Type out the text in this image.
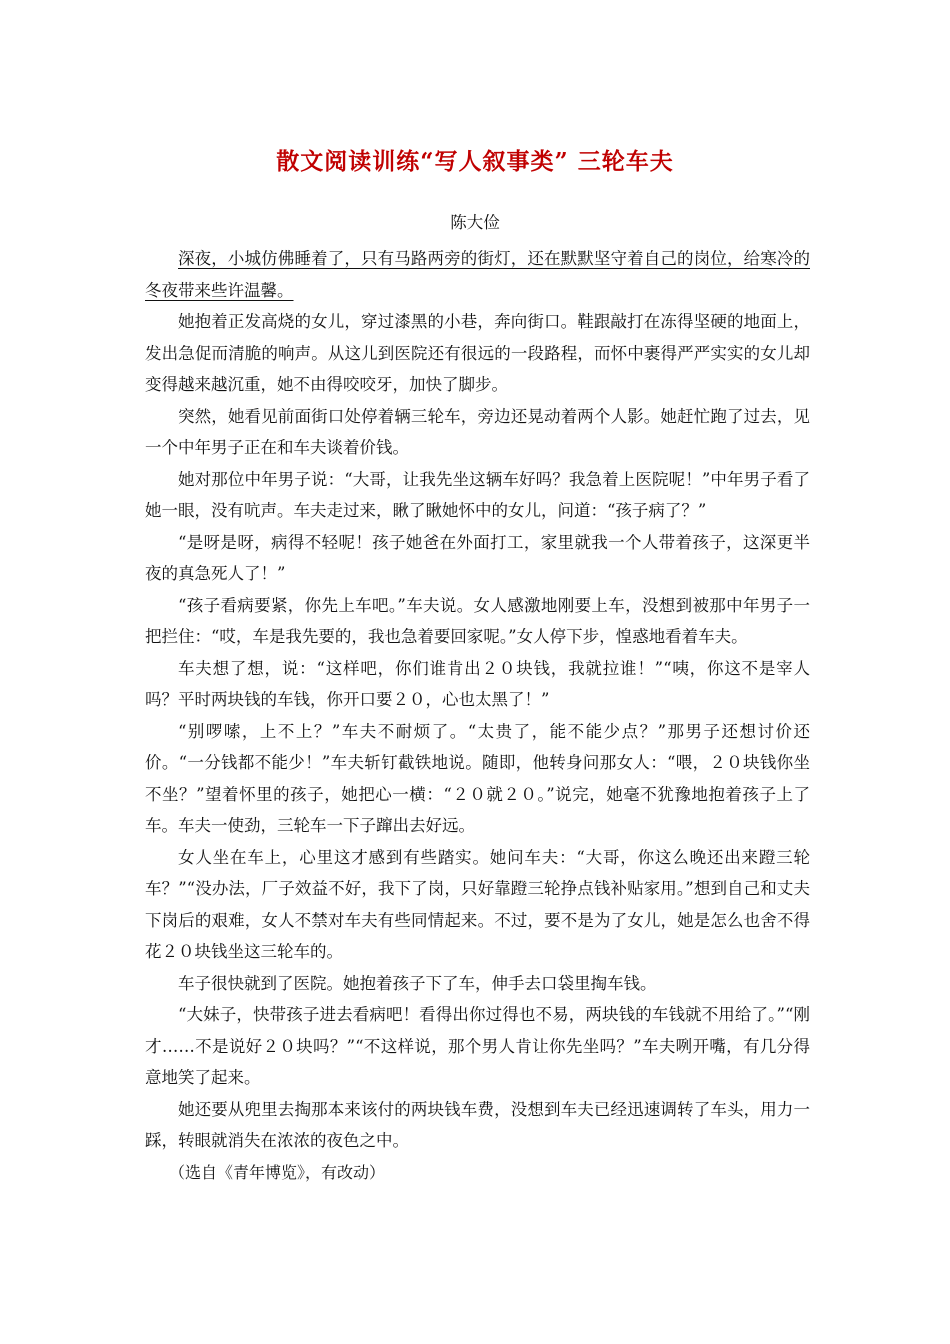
散文阅读训练“写人叙事类” 三轮车夫

陈大俭

深夜，小城仿佛睡着了，只有马路两旁的街灯，还在默默坚守着自己的岗位，给寒冷的冬夜带来些许温馨。

她抱着正发高烧的女儿，穿过漆黑的小巷，奔向街口。鞋跟敲打在冻得坚硬的地面上，发出急促而清脆的响声。从这儿到医院还有很远的一段路程，而怀中裹得严严实实的女儿却变得越来越沉重，她不由得咬咬牙，加快了脚步。

突然，她看见前面街口处停着辆三轮车，旁边还晃动着两个人影。她赶忙跑了过去，见一个中年男子正在和车夫谈着价钱。

她对那位中年男子说：“大哥，让我先坐这辆车好吗？我急着上医院呢！”中年男子看了她一眼，没有吭声。车夫走过来，瞅了瞅她怀中的女儿，问道：“孩子病了？”

“是呀是呀，病得不轻呢！孩子她爸在外面打工，家里就我一个人带着孩子，这深更半夜的真急死人了！”

“孩子看病要紧，你先上车吧。”车夫说。女人感激地刚要上车，没想到被那中年男子一把拦住：“哎，车是我先要的，我也急着要回家呢。”女人停下步，惶惑地看着车夫。

车夫想了想，说：“这样吧，你们谁肯出２０块钱，我就拉谁！”“咦，你这不是宰人吗？平时两块钱的车钱，你开口要２０，心也太黑了！”

“别啰嗦，上不上？”车夫不耐烦了。“太贵了，能不能少点？”那男子还想讨价还价。“一分钱都不能少！”车夫斩钉截铁地说。随即，他转身问那女人：“喂，２０块钱你坐不坐？”望着怀里的孩子，她把心一横：“２０就２０。”说完，她毫不犹豫地抱着孩子上了车。车夫一使劲，三轮车一下子蹿出去好远。

女人坐在车上，心里这才感到有些踏实。她问车夫：“大哥，你这么晚还出来蹬三轮车？”“没办法，厂子效益不好，我下了岗，只好靠蹬三轮挣点钱补贴家用。”想到自己和丈夫下岗后的艰难，女人不禁对车夫有些同情起来。不过，要不是为了女儿，她是怎么也舍不得花２０块钱坐这三轮车的。

车子很快就到了医院。她抱着孩子下了车，伸手去口袋里掏车钱。

“大妹子，快带孩子进去看病吧！看得出你过得也不易，两块钱的车钱就不用给了。”“刚才……不是说好２０块吗？”“不这样说，那个男人肯让你先坐吗？”车夫咧开嘴，有几分得意地笑了起来。

她还要从兜里去掏那本来该付的两块钱车费，没想到车夫已经迅速调转了车头，用力一踩，转眼就消失在浓浓的夜色之中。

（选自《青年博览》，有改动）
